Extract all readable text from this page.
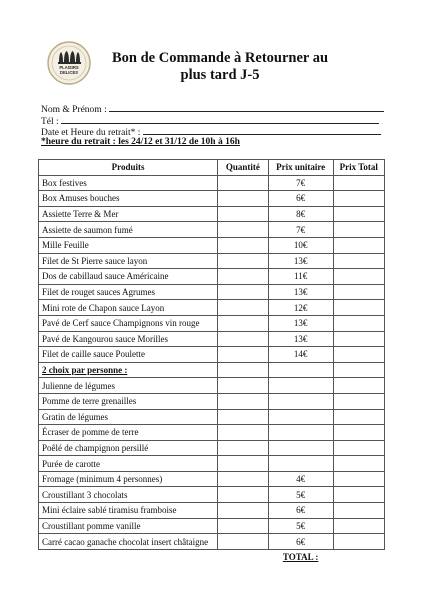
PLAISIRS
DELICES
Bon de Commande à Retourner au plus tard J-5
Nom & Prénom :
Tél :
Date et Heure du retrait* :
*heure du retrait : les 24/12 et 31/12 de 10h à 16h
Produits	Quantité	Prix unitaire	Prix Total
Box festives		7€	
Box Amuses bouches		6€	
Assiette Terre & Mer		8€	
Assiette de saumon fumé		7€	
Mille Feuille		10€	
Filet de St Pierre sauce layon		13€	
Dos de cabillaud sauce Américaine		11€	
Filet de rouget sauces Agrumes		13€	
Mini rote de Chapon sauce Layon		12€	
Pavé de Cerf sauce Champignons vin rouge		13€	
Pavé de Kangourou sauce Morilles		13€	
Filet de caille sauce Poulette		14€	
2 choix par personne :			
Julienne de légumes			
Pomme de terre grenailles			
Gratin de légumes			
Écraser de pomme de terre			
Poêlé de champignon persillé			
Purée de carotte			
Fromage (minimum 4 personnes)		4€	
Croustillant 3 chocolats		5€	
Mini éclaire sablé tiramisu framboise		6€	
Croustillant pomme vanille		5€	
Carré cacao ganache chocolat insert châtaigne		6€	
		TOTAL :	
